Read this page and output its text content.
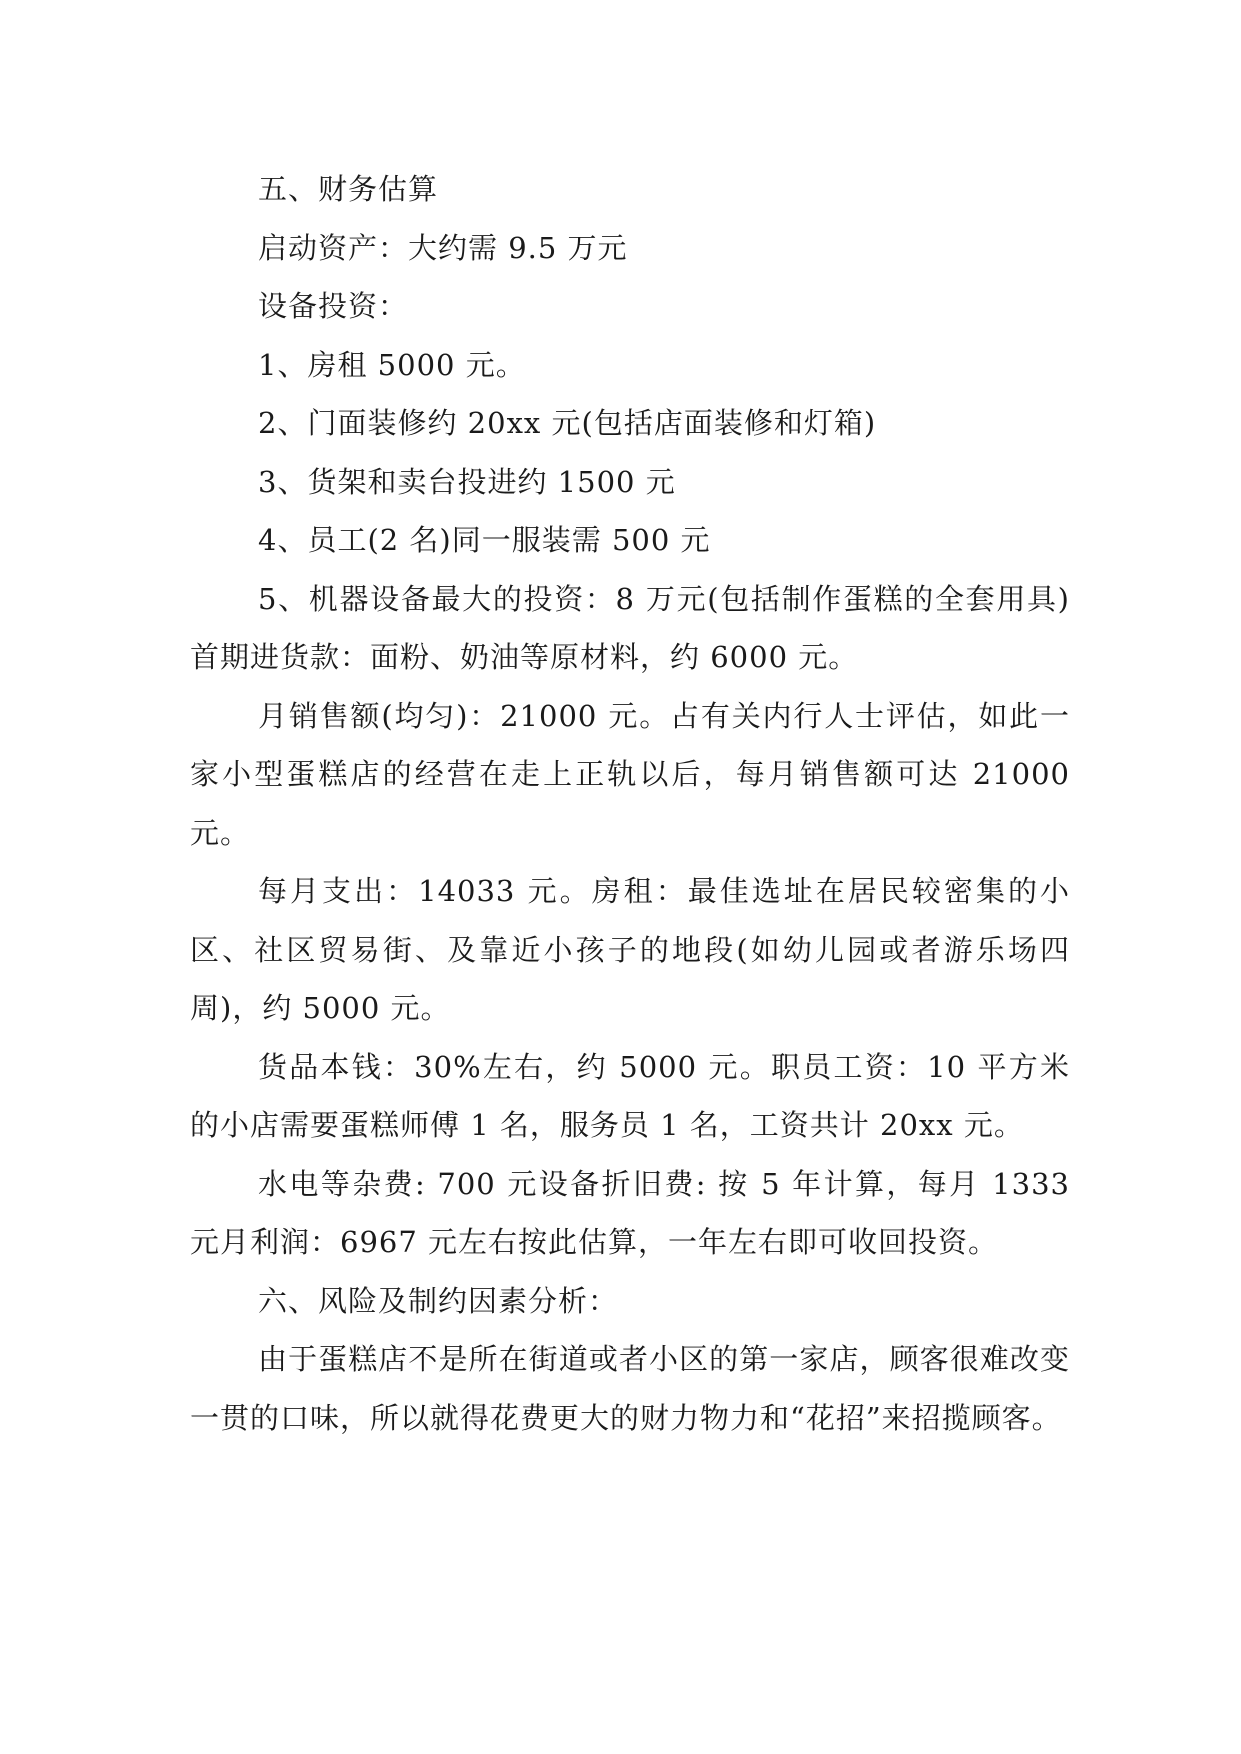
五、财务估算

启动资产：大约需 9.5 万元

设备投资：

1、房租 5000 元。

2、门面装修约 20xx 元(包括店面装修和灯箱)

3、货架和卖台投进约 1500 元

4、员工(2 名)同一服装需 500 元

5、机器设备最大的投资：8 万元(包括制作蛋糕的全套用具)首期进货款：面粉、奶油等原材料，约 6000 元。

月销售额(均匀)：21000 元。占有关内行人士评估，如此一家小型蛋糕店的经营在走上正轨以后，每月销售额可达 21000 元。

每月支出：14033 元。房租：最佳选址在居民较密集的小区、社区贸易街、及靠近小孩子的地段(如幼儿园或者游乐场四周)，约 5000 元。

货品本钱：30%左右，约 5000 元。职员工资：10 平方米的小店需要蛋糕师傅 1 名，服务员 1 名，工资共计 20xx 元。

水电等杂费: 700 元设备折旧费: 按 5 年计算，每月 1333 元月利润：6967 元左右按此估算，一年左右即可收回投资。

六、风险及制约因素分析：

由于蛋糕店不是所在街道或者小区的第一家店，顾客很难改变一贯的口味，所以就得花费更大的财力物力和“花招”来招揽顾客。
